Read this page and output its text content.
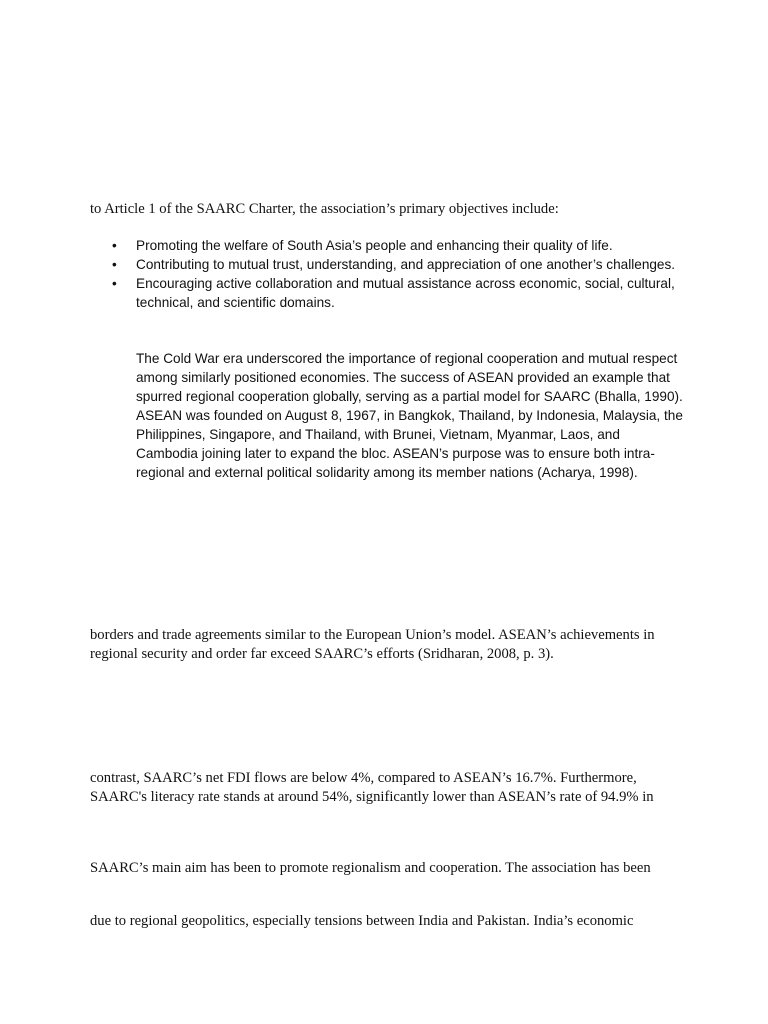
to Article 1 of the SAARC Charter, the association’s primary objectives include:

• Promoting the welfare of South Asia’s people and enhancing their quality of life.
• Contributing to mutual trust, understanding, and appreciation of one another’s challenges.
• Encouraging active collaboration and mutual assistance across economic, social, cultural, technical, and scientific domains.

The Cold War era underscored the importance of regional cooperation and mutual respect among similarly positioned economies. The success of ASEAN provided an example that spurred regional cooperation globally, serving as a partial model for SAARC (Bhalla, 1990). ASEAN was founded on August 8, 1967, in Bangkok, Thailand, by Indonesia, Malaysia, the Philippines, Singapore, and Thailand, with Brunei, Vietnam, Myanmar, Laos, and Cambodia joining later to expand the bloc. ASEAN’s purpose was to ensure both intra-regional and external political solidarity among its member nations (Acharya, 1998).

borders and trade agreements similar to the European Union’s model. ASEAN’s achievements in

regional security and order far exceed SAARC’s efforts (Sridharan, 2008, p. 3).

contrast, SAARC’s net FDI flows are below 4%, compared to ASEAN’s 16.7%. Furthermore,

SAARC's literacy rate stands at around 54%, significantly lower than ASEAN’s rate of 94.9% in

SAARC’s main aim has been to promote regionalism and cooperation. The association has been

due to regional geopolitics, especially tensions between India and Pakistan. India’s economic
